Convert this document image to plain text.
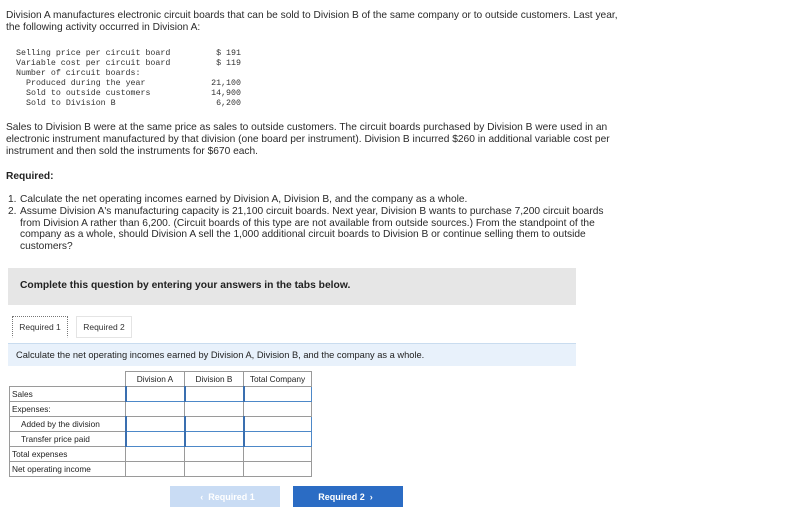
Division A manufactures electronic circuit boards that can be sold to Division B of the same company or to outside customers. Last year, the following activity occurred in Division A:
Selling price per circuit board	$ 191
Variable cost per circuit board	$ 119
Number of circuit boards:
Produced during the year	21,100
Sold to outside customers	14,900
Sold to Division B	6,200
Sales to Division B were at the same price as sales to outside customers. The circuit boards purchased by Division B were used in an electronic instrument manufactured by that division (one board per instrument). Division B incurred $260 in additional variable cost per instrument and then sold the instruments for $670 each.
Required:
1. Calculate the net operating incomes earned by Division A, Division B, and the company as a whole.
2. Assume Division A's manufacturing capacity is 21,100 circuit boards. Next year, Division B wants to purchase 7,200 circuit boards from Division A rather than 6,200. (Circuit boards of this type are not available from outside sources.) From the standpoint of the company as a whole, should Division A sell the 1,000 additional circuit boards to Division B or continue selling them to outside customers?
Complete this question by entering your answers in the tabs below.
Required 1	Required 2
Calculate the net operating incomes earned by Division A, Division B, and the company as a whole.
	Division A	Division B	Total Company
Sales			
Expenses:			
Added by the division			
Transfer price paid			
Total expenses			
Net operating income			
‹ Required 1	Required 2 ›
